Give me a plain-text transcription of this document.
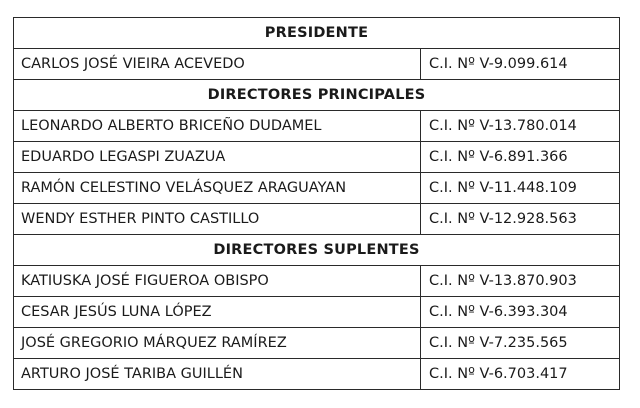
PRESIDENTE	
CARLOS JOSÉ VIEIRA ACEVEDO	C.I. Nº V-9.099.614
DIRECTORES PRINCIPALES	
LEONARDO ALBERTO BRICEÑO DUDAMEL	C.I. Nº V-13.780.014
EDUARDO LEGASPI ZUAZUA	C.I. Nº V-6.891.366
RAMÓN CELESTINO VELÁSQUEZ ARAGUAYAN	C.I. Nº V-11.448.109
WENDY ESTHER PINTO CASTILLO	C.I. Nº V-12.928.563
DIRECTORES SUPLENTES	
KATIUSKA JOSÉ FIGUEROA OBISPO	C.I. Nº V-13.870.903
CESAR JESÚS LUNA LÓPEZ	C.I. Nº V-6.393.304
JOSÉ GREGORIO MÁRQUEZ RAMÍREZ	C.I. Nº V-7.235.565
ARTURO JOSÉ TARIBA GUILLÉN	C.I. Nº V-6.703.417
